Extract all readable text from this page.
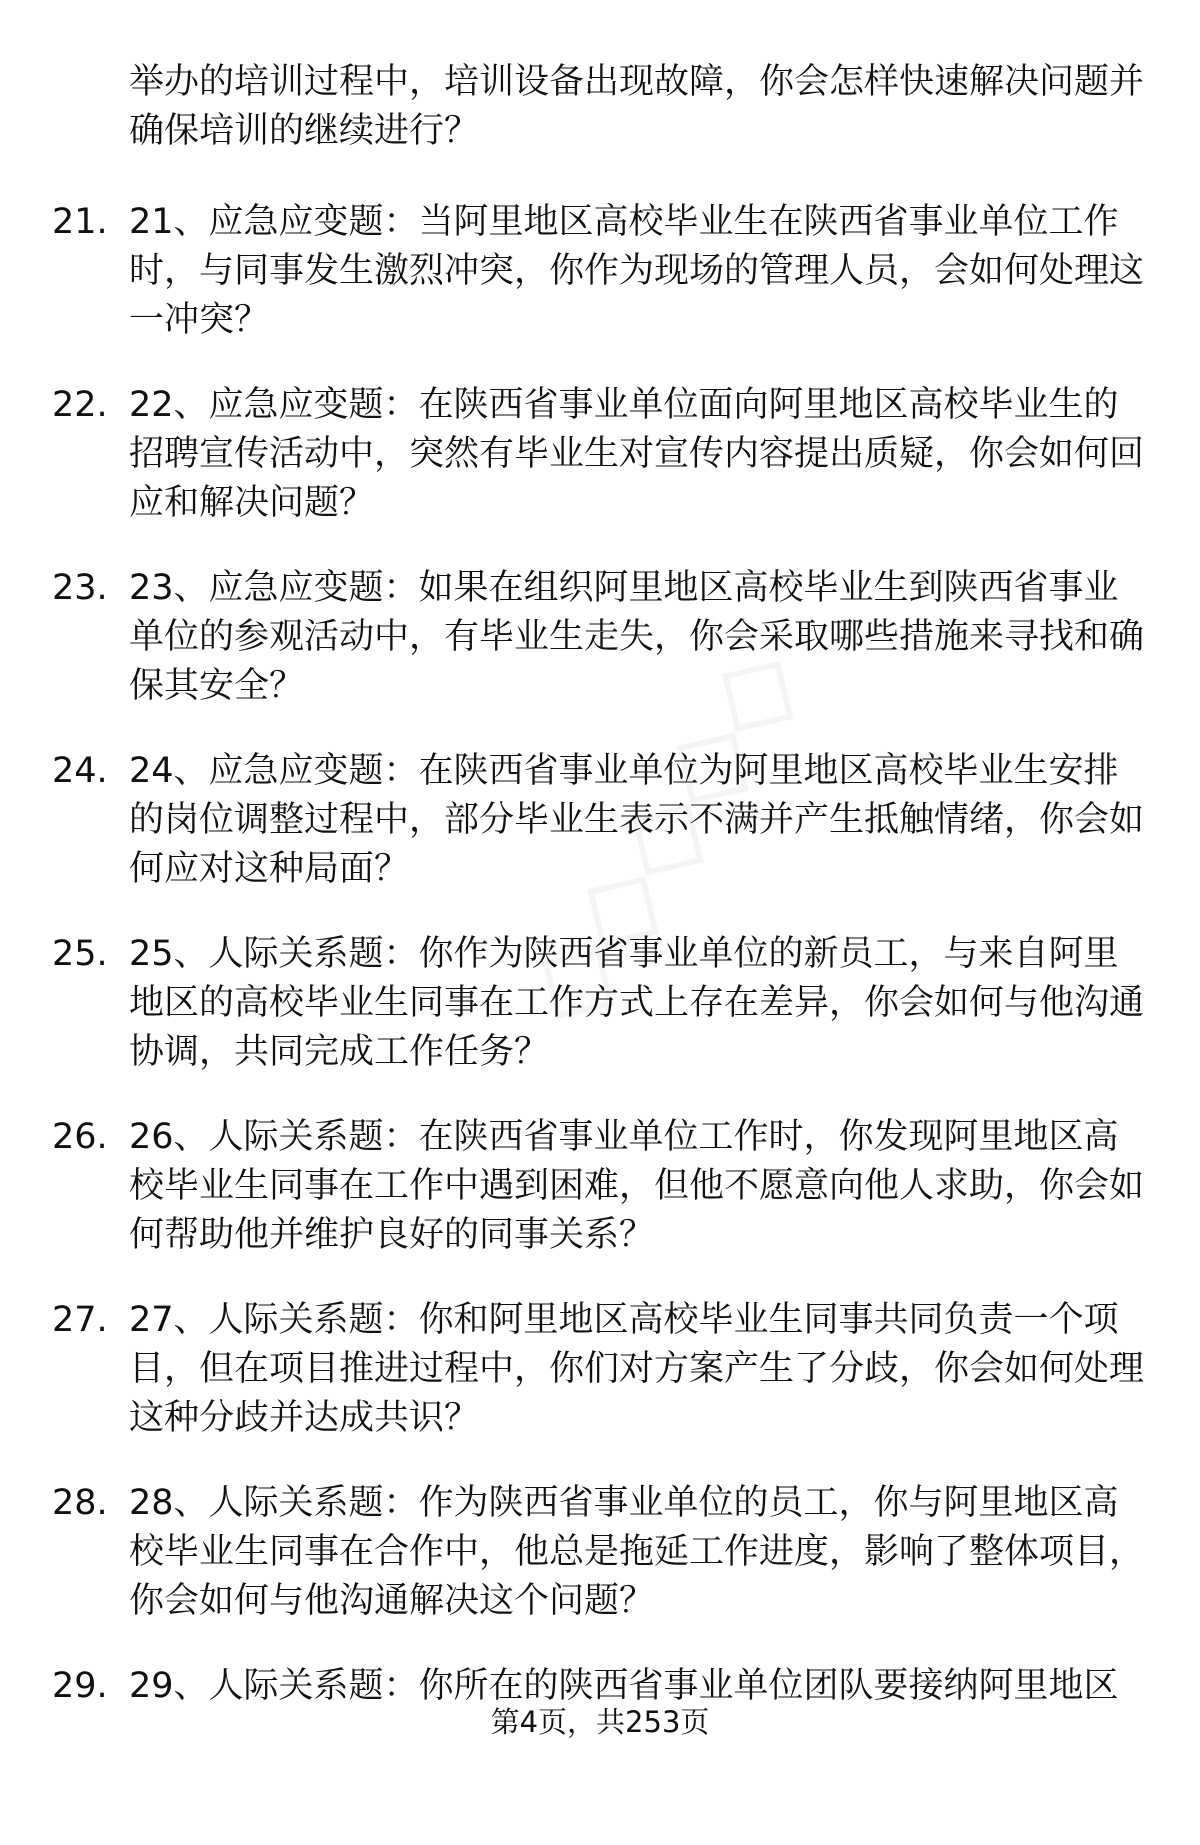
举办的培训过程中，培训设备出现故障，你会怎样快速解决问题并确保培训的继续进行？

21. 21、应急应变题：当阿里地区高校毕业生在陕西省事业单位工作时，与同事发生激烈冲突，你作为现场的管理人员，会如何处理这一冲突？

22. 22、应急应变题：在陕西省事业单位面向阿里地区高校毕业生的招聘宣传活动中，突然有毕业生对宣传内容提出质疑，你会如何回应和解决问题？

23. 23、应急应变题：如果在组织阿里地区高校毕业生到陕西省事业单位的参观活动中，有毕业生走失，你会采取哪些措施来寻找和确保其安全？

24. 24、应急应变题：在陕西省事业单位为阿里地区高校毕业生安排的岗位调整过程中，部分毕业生表示不满并产生抵触情绪，你会如何应对这种局面？

25. 25、人际关系题：你作为陕西省事业单位的新员工，与来自阿里地区的高校毕业生同事在工作方式上存在差异，你会如何与他沟通协调，共同完成工作任务？

26. 26、人际关系题：在陕西省事业单位工作时，你发现阿里地区高校毕业生同事在工作中遇到困难，但他不愿意向他人求助，你会如何帮助他并维护良好的同事关系？

27. 27、人际关系题：你和阿里地区高校毕业生同事共同负责一个项目，但在项目推进过程中，你们对方案产生了分歧，你会如何处理这种分歧并达成共识？

28. 28、人际关系题：作为陕西省事业单位的员工，你与阿里地区高校毕业生同事在合作中，他总是拖延工作进度，影响了整体项目，你会如何与他沟通解决这个问题？

29. 29、人际关系题：你所在的陕西省事业单位团队要接纳阿里地区

第4页，共253页
